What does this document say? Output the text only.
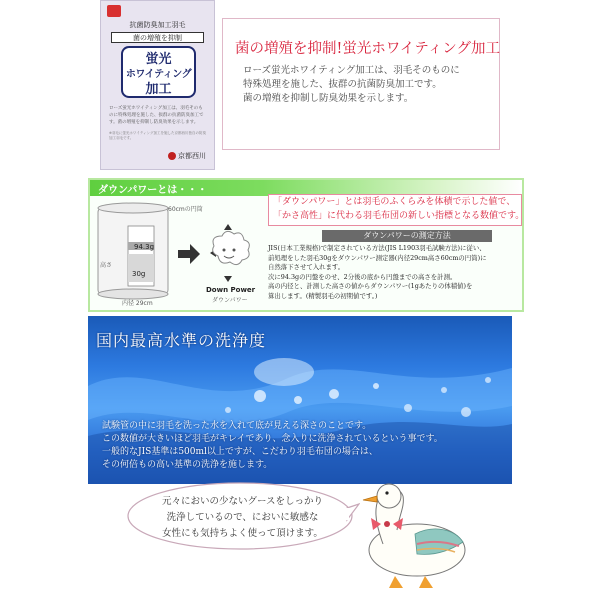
抗菌防臭加工羽毛
菌の増殖を抑制
蛍光
ホワイティング
加工
ローズ蛍光ホワイティング加工は、羽毛そのものに特殊処理を施した、抜群の抗菌防臭加工です。菌の増殖を抑制し防臭効果を示します。
※羽毛に蛍光ホワイティング加工を施した京都西川独自の防臭加工羽毛です。
京都西川
菌の増殖を抑制!蛍光ホワイティング加工
ローズ蛍光ホワイティング加工は、羽毛そのものに
特殊処理を施した、抜群の抗菌防臭加工です。
菌の増殖を抑制し防臭効果を示します。
ダウンパワーとは・・・
60cmの円筒
94.3g
30g
高さ
内径 29cm
Down Power
ダウンパワー
「ダウンパワー」とは羽毛のふくらみを体積で示した値で、
「かさ高性」に代わる羽毛布団の新しい指標となる数値です。
ダウンパワーの測定方法
JIS(日本工業規格)で制定されている方法(JIS L1903羽毛試験方法)に従い、
前処理をした羽毛30gをダウンパワー測定器(内径29cm高さ60cmの円筒)に
自然落下させて入れます。
次に94.3gの円盤をのせ、2分後の底から円盤までの高さを計測。
高の内径と、計測した高さの値からダウンパワー(1gあたりの体積値)を
算出します。(精製羽毛の初期値です。)
国内最高水準の洗浄度
試験管の中に羽毛を洗った水を入れて底が見える深さのことです。
この数値が大きいほど羽毛がキレイであり、念入りに洗浄されているという事です。
一般的なJIS基準は500ml以上ですが、こだわり羽毛布団の場合は、
その何倍もの高い基準の洗浄を施します。
元々においの少ないグースをしっかり
洗浄しているので、においに敏感な
女性にも気持ちよく使って頂けます。
